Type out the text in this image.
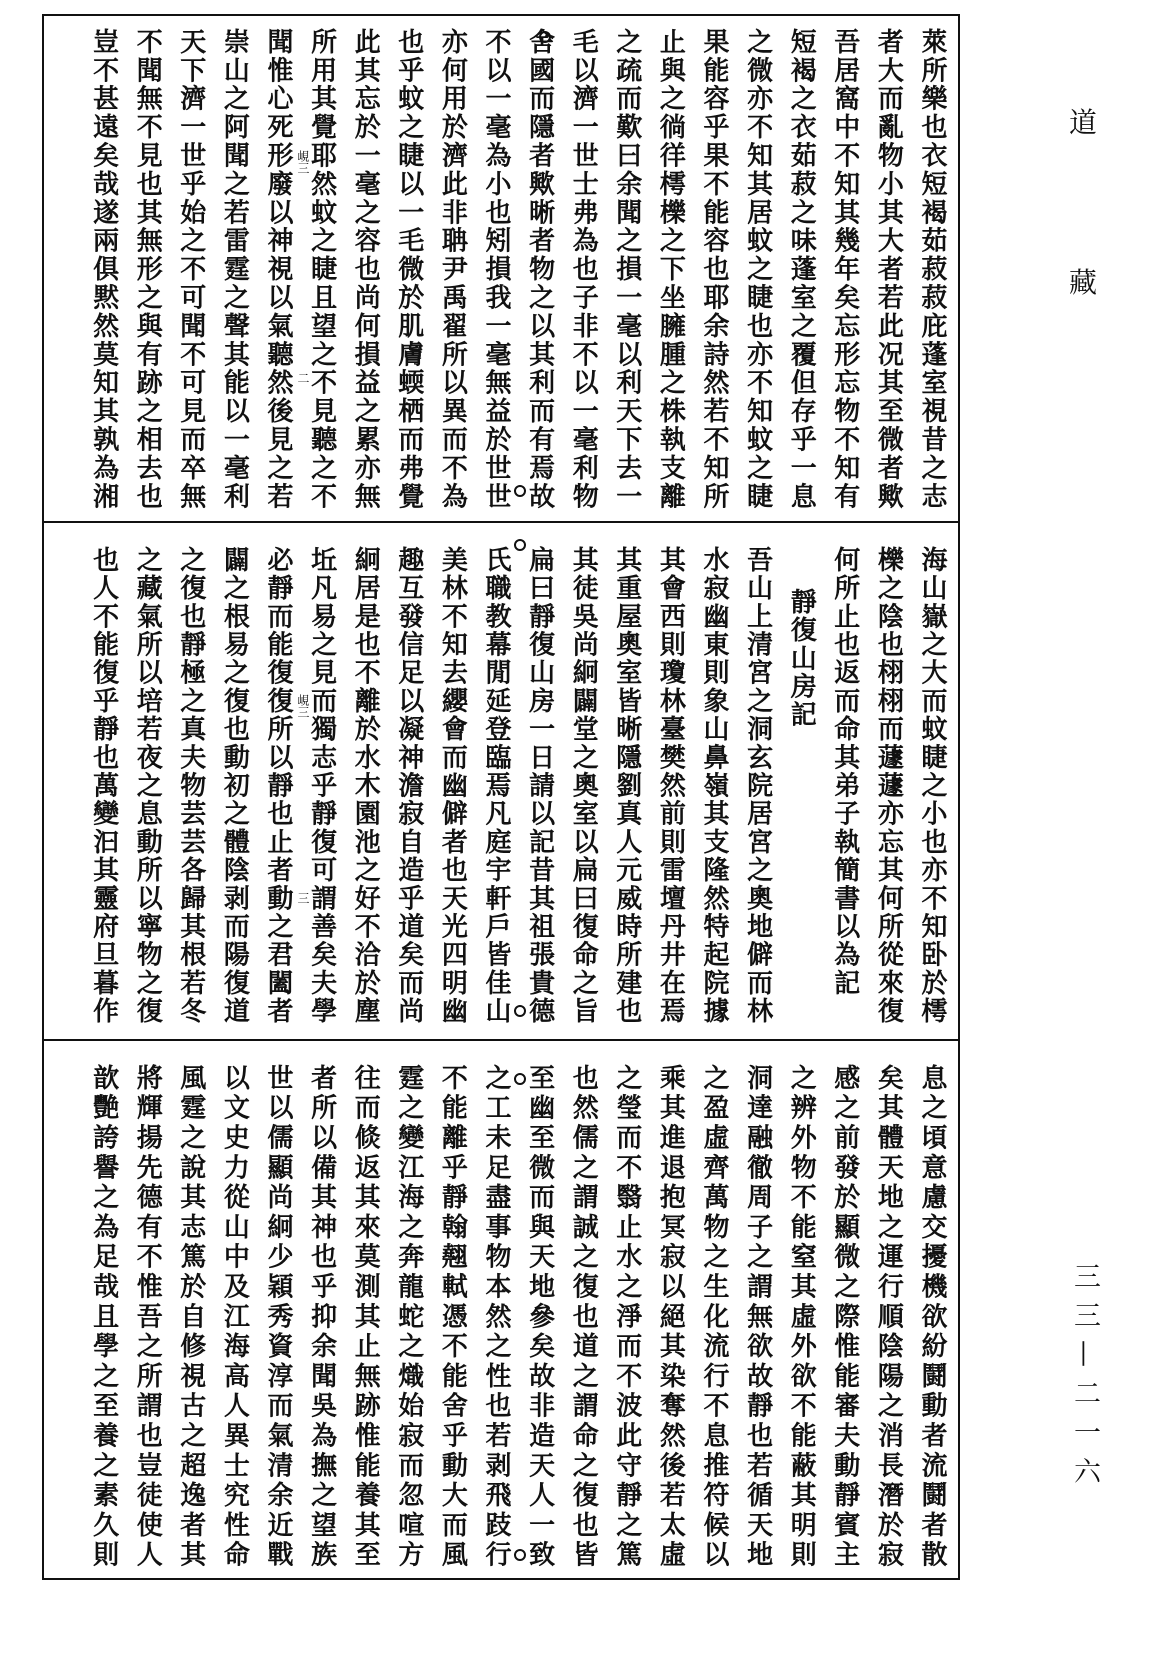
峴三
二
峴三
三
道
藏
三三—二一六
萊所樂也衣短褐茹菽菽庇蓬室視昔之志
者大而亂物小其大者若此况其至微者歟
吾居窩中不知其幾年矣忘形忘物不知有
短褐之衣茹菽之味蓬室之覆但存乎一息
之微亦不知其居蚊之睫也亦不知蚊之睫
果能容乎果不能容也耶余詩然若不知所
止與之徜徉樗櫟之下坐臃腫之株執支離
之疏而歎曰余聞之損一毫以利天下去一
毛以濟一世士弗為也子非不以一毫利物
舍國而隱者歟晰者物之以其利而有焉故
不以一毫為小也矧損我一毫無益於世世
亦何用於濟此非聃尹禹翟所以異而不為
也乎蚊之睫以一毛微於肌膚蝡栖而弗覺
此其忘於一毫之容也尚何損益之累亦無
所用其覺耶然蚊之睫且望之不見聽之不
聞惟心死形廢以神視以氣聽然後見之若
崇山之阿聞之若雷霆之聲其能以一毫利
天下濟一世乎始之不可聞不可見而卒無
不聞無不見也其無形之與有跡之相去也
豈不甚遠矣哉遂兩俱黙然莫知其孰為湘
海山嶽之大而蚊睫之小也亦不知卧於樗
櫟之陰也栩栩而蘧蘧亦忘其何所從來復
何所止也返而命其弟子執簡書以為記
靜復山房記
吾山上清宮之洞玄院居宮之奧地僻而林
水寂幽東則象山鼻嶺其支隆然特起院據
其會西則瓊林臺樊然前則雷壇丹井在焉
其重屋奧室皆晰隱劉真人元威時所建也
其徒吳尚絅闢堂之奧室以扁曰復命之旨
扁曰靜復山房一日請以記昔其祖張貴德
氏職教幕閒延登臨焉凡庭宇軒戶皆佳山
美林不知去纓會而幽僻者也天光四明幽
趣互發信足以凝神澹寂自造乎道矣而尚
絅居是也不離於水木園池之好不洽於塵
坵凡易之見而獨志乎靜復可謂善矣夫學
必靜而能復復所以靜也止者動之君闔者
闢之根易之復也動初之體陰剥而陽復道
之復也靜極之真夫物芸芸各歸其根若冬
之藏氣所以培若夜之息動所以寧物之復
也人不能復乎靜也萬變汩其靈府旦暮作
息之頃意慮交擾機欲紛鬪動者流鬪者散
矣其體天地之運行順陰陽之消長潛於寂
感之前發於顯微之際惟能審夫動靜賓主
之辨外物不能窒其虛外欲不能蔽其明則
洞達融徹周子之謂無欲故靜也若循天地
之盈虛齊萬物之生化流行不息推符候以
乘其進退抱冥寂以絕其染奪然後若太虛
之瑩而不翳止水之淨而不波此守靜之篤
也然儒之謂誠之復也道之謂命之復也皆
至幽至微而與天地參矣故非造天人一致
之工未足盡事物本然之性也若剥飛跂行
不能離乎靜翰翹軾憑不能舍乎動大而風
霆之變江海之奔龍蛇之熾始寂而忽喧方
往而倐返其來莫測其止無跡惟能養其至
者所以備其神也乎抑余聞吳為撫之望族
世以儒顯尚絅少穎秀資淳而氣清余近戰
以文史力從山中及江海高人異士究性命
風霆之說其志篤於自修視古之超逸者其
將輝揚先德有不惟吾之所謂也豈徒使人
歆艷誇譽之為足哉且學之至養之素久則
